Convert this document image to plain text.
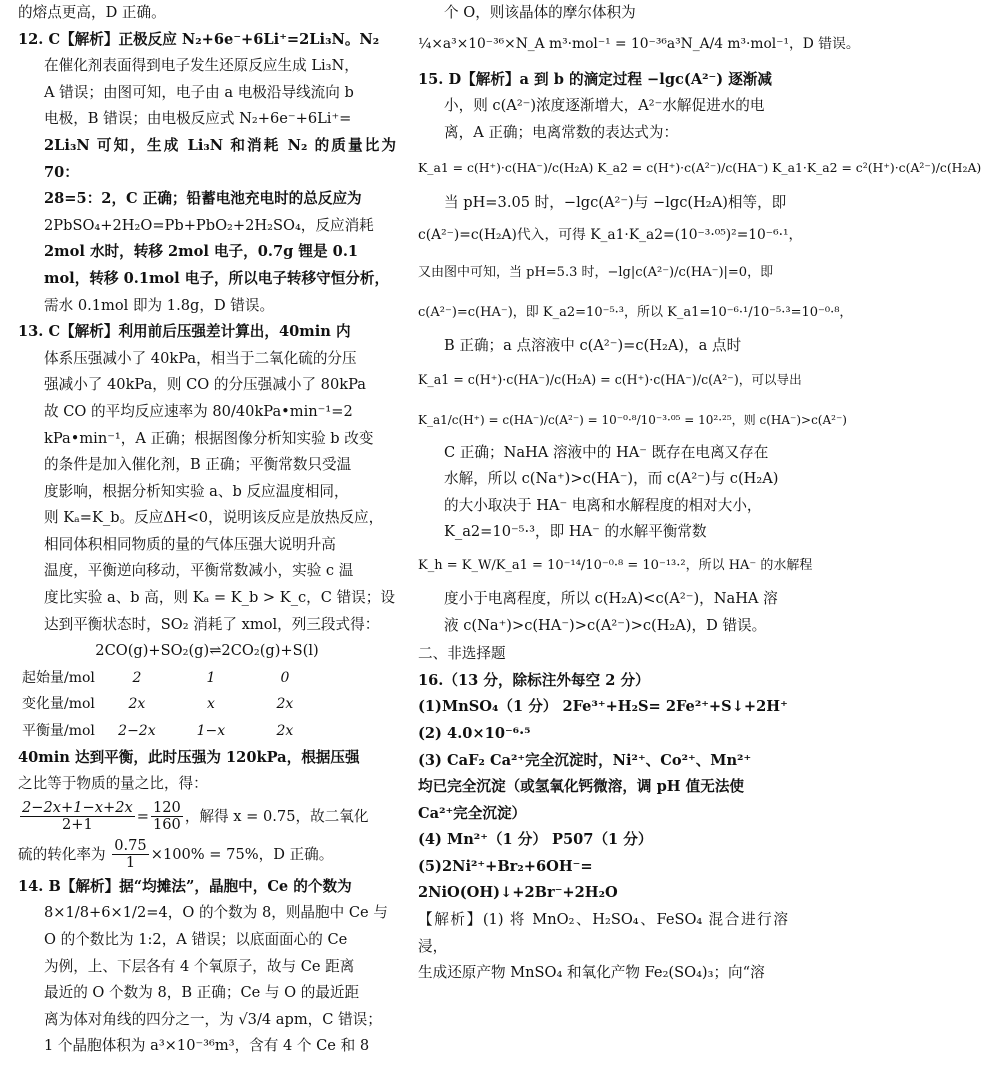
的熔点更高，D 正确。

12. C【解析】正极反应 N₂+6e⁻+6Li⁺=2Li₃N。N₂

在催化剂表面得到电子发生还原反应生成 Li₃N，

A 错误；由图可知，电子由 a 电极沿导线流向 b

电极，B 错误；由电极反应式 N₂+6e⁻+6Li⁺=

2Li₃N 可知，生成 Li₃N 和消耗 N₂ 的质量比为 70：

28=5：2，C 正确；铅蓄电池充电时的总反应为

2PbSO₄+2H₂O=Pb+PbO₂+2H₂SO₄，反应消耗

2mol 水时，转移 2mol 电子，0.7g 锂是 0.1

mol，转移 0.1mol 电子，所以电子转移守恒分析，

需水 0.1mol 即为 1.8g，D 错误。

13. C【解析】利用前后压强差计算出，40min 内

体系压强减小了 40kPa，相当于二氧化硫的分压

强减小了 40kPa，则 CO 的分压强减小了 80kPa

故 CO 的平均反应速率为 80/40kPa•min⁻¹=2

kPa•min⁻¹，A 正确；根据图像分析知实验 b 改变

的条件是加入催化剂，B 正确；平衡常数只受温

度影响，根据分析知实验 a、b 反应温度相同，

则 Kₐ=K_b。反应ΔH<0，说明该反应是放热反应，

相同体积相同物质的量的气体压强大说明升高

温度，平衡逆向移动，平衡常数减小，实验 c 温

度比实验 a、b 高，则 Kₐ = K_b > K_c，C 错误；设

达到平衡状态时，SO₂ 消耗了 xmol，列三段式得：

2CO(g)+SO₂(g)⇌2CO₂(g)+S(l)

起始量/mol	2	1	0
变化量/mol	2x	x	2x
平衡量/mol	2−2x	1−x	2x

40min 达到平衡，此时压强为 120kPa，根据压强

之比等于物质的量之比，得：

$\frac{2-2x+1-x+2x}{2+1} = \frac{120}{160}$ ，解得 x = 0.75，故二氧化

硫的转化率为 $\frac{0.75}{1} \times 100\% = 75\%$，D 正确。

14. B【解析】据“均摊法”，晶胞中，Ce 的个数为

8×1/8+6×1/2=4，O 的个数为 8，则晶胞中 Ce 与

O 的个数比为 1:2，A 错误；以底面面心的 Ce

为例，上、下层各有 4 个氧原子，故与 Ce 距离

最近的 O 个数为 8，B 正确；Ce 与 O 的最近距

离为体对角线的四分之一，为 √3/4 apm，C 错误；

1 个晶胞体积为 a³×10⁻³⁶m³，含有 4 个 Ce 和 8

个 O，则该晶体的摩尔体积为

¼×a³×10⁻³⁶×N_A m³·mol⁻¹ = 10⁻³⁶a³N_A/4 m³·mol⁻¹，D 错误。

15. D【解析】a 到 b 的滴定过程 −lgc(A²⁻) 逐渐减

小，则 c(A²⁻)浓度逐渐增大，A²⁻水解促进水的电

离，A 正确；电离常数的表达式为：

K_a1 = c(H⁺)·c(HA⁻)/c(H₂A) K_a2 = c(H⁺)·c(A²⁻)/c(HA⁻) K_a1·K_a2 = c²(H⁺)·c(A²⁻)/c(H₂A)

当 pH=3.05 时，−lgc(A²⁻)与 −lgc(H₂A)相等，即

c(A²⁻)=c(H₂A)代入，可得 K_a1·K_a2=(10⁻³·⁰⁵)²=10⁻⁶·¹，

又由图中可知，当 pH=5.3 时，−lg|c(A²⁻)/c(HA⁻)|=0，即

c(A²⁻)=c(HA⁻)，即 K_a2=10⁻⁵·³，所以 K_a1=10⁻⁶·¹/10⁻⁵·³=10⁻⁰·⁸，

B 正确；a 点溶液中 c(A²⁻)=c(H₂A)，a 点时

K_a1 = c(H⁺)·c(HA⁻)/c(H₂A) = c(H⁺)·c(HA⁻)/c(A²⁻)，可以导出

K_a1/c(H⁺) = c(HA⁻)/c(A²⁻) = 10⁻⁰·⁸/10⁻³·⁰⁵ = 10²·²⁵，则 c(HA⁻)>c(A²⁻)

C 正确；NaHA 溶液中的 HA⁻ 既存在电离又存在

水解，所以 c(Na⁺)>c(HA⁻)，而 c(A²⁻)与 c(H₂A)

的大小取决于 HA⁻ 电离和水解程度的相对大小，

K_a2=10⁻⁵·³，即 HA⁻ 的水解平衡常数

K_h = K_W/K_a1 = 10⁻¹⁴/10⁻⁰·⁸ = 10⁻¹³·²，所以 HA⁻ 的水解程

度小于电离程度，所以 c(H₂A)<c(A²⁻)，NaHA 溶

液 c(Na⁺)>c(HA⁻)>c(A²⁻)>c(H₂A)，D 错误。

二、非选择题

16.（13 分，除标注外每空 2 分）

(1)MnSO₄（1 分） 2Fe³⁺+H₂S= 2Fe²⁺+S↓+2H⁺

(2) 4.0×10⁻⁶·⁵

(3) CaF₂ Ca²⁺完全沉淀时，Ni²⁺、Co²⁺、Mn²⁺

均已完全沉淀（或氢氧化钙微溶，调 pH 值无法使

Ca²⁺完全沉淀）

(4) Mn²⁺（1 分） P507（1 分）

(5)2Ni²⁺+Br₂+6OH⁻= 2NiO(OH)↓+2Br⁻+2H₂O

【解析】(1) 将 MnO₂、H₂SO₄、FeSO₄ 混合进行溶浸，

生成还原产物 MnSO₄ 和氧化产物 Fe₂(SO₄)₃；向“溶
